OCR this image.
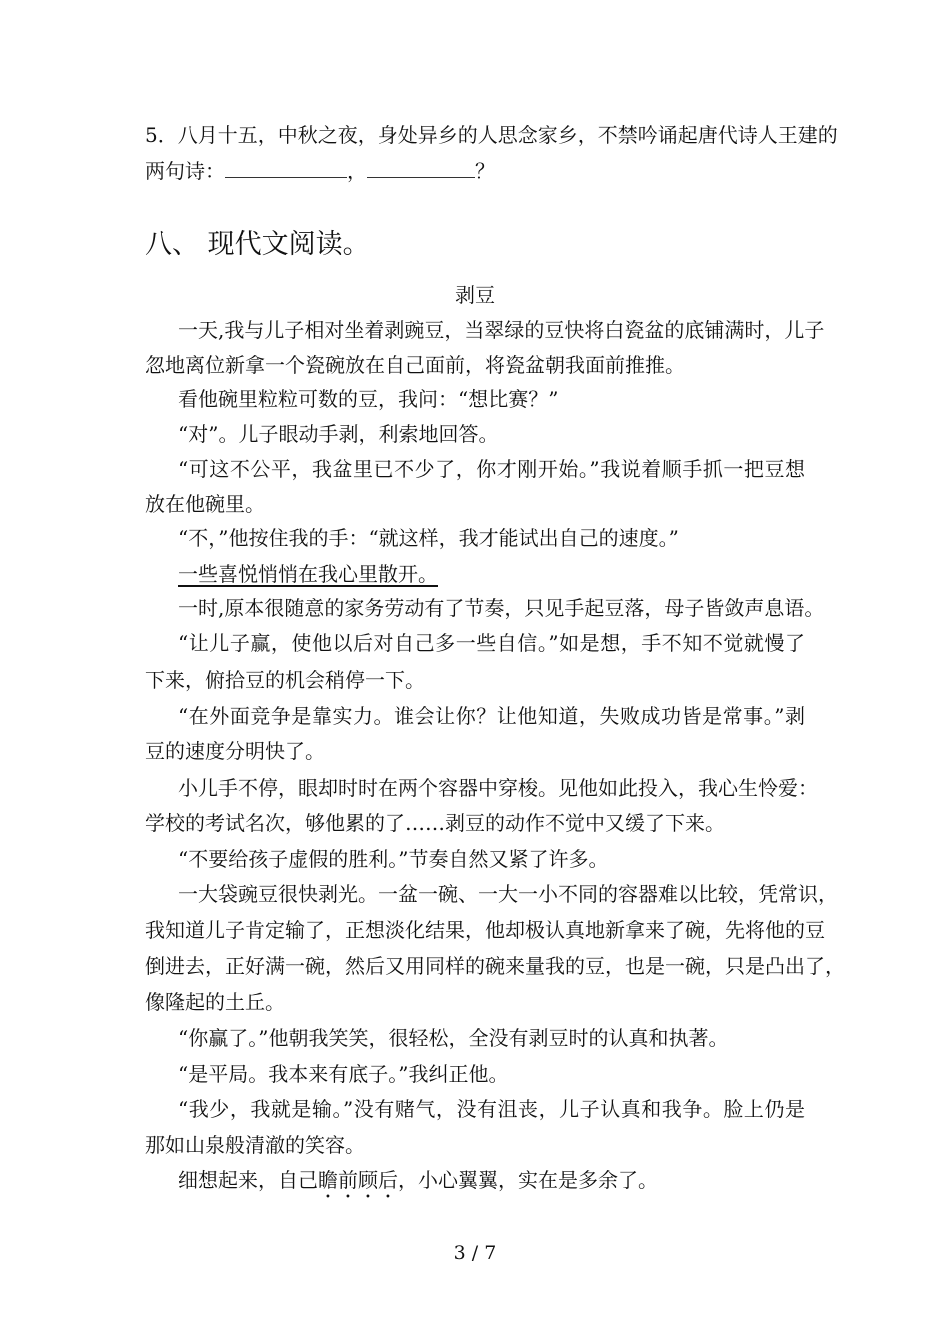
5．八月十五，中秋之夜，身处异乡的人思念家乡，不禁吟诵起唐代诗人王建的
两句诗：	，	？
八、 现代文阅读。
剥豆
一天,我与儿子相对坐着剥豌豆，当翠绿的豆快将白瓷盆的底铺满时，儿子
忽地离位新拿一个瓷碗放在自己面前，将瓷盆朝我面前推推。
看他碗里粒粒可数的豆，我问：“想比赛？”
“对”。儿子眼动手剥，利索地回答。
“可这不公平，我盆里已不少了，你才刚开始。”我说着顺手抓一把豆想
放在他碗里。
“不，”他按住我的手：“就这样，我才能试出自己的速度。”
一些喜悦悄悄在我心里散开。
一时,原本很随意的家务劳动有了节奏，只见手起豆落，母子皆敛声息语。
“让儿子赢，使他以后对自己多一些自信。”如是想，手不知不觉就慢了
下来，俯拾豆的机会稍停一下。
“在外面竞争是靠实力。谁会让你？让他知道，失败成功皆是常事。”剥
豆的速度分明快了。
小儿手不停，眼却时时在两个容器中穿梭。见他如此投入，我心生怜爱：
学校的考试名次，够他累的了……剥豆的动作不觉中又缓了下来。
“不要给孩子虚假的胜利。”节奏自然又紧了许多。
一大袋豌豆很快剥光。一盆一碗、一大一小不同的容器难以比较，凭常识，
我知道儿子肯定输了，正想淡化结果，他却极认真地新拿来了碗，先将他的豆
倒进去，正好满一碗，然后又用同样的碗来量我的豆，也是一碗，只是凸出了，
像隆起的土丘。
“你赢了。”他朝我笑笑，很轻松，全没有剥豆时的认真和执著。
“是平局。我本来有底子。”我纠正他。
“我少，我就是输。”没有赌气，没有沮丧，儿子认真和我争。脸上仍是
那如山泉般清澈的笑容。
细想起来，自己瞻前顾后，小心翼翼，实在是多余了。
3 / 7
